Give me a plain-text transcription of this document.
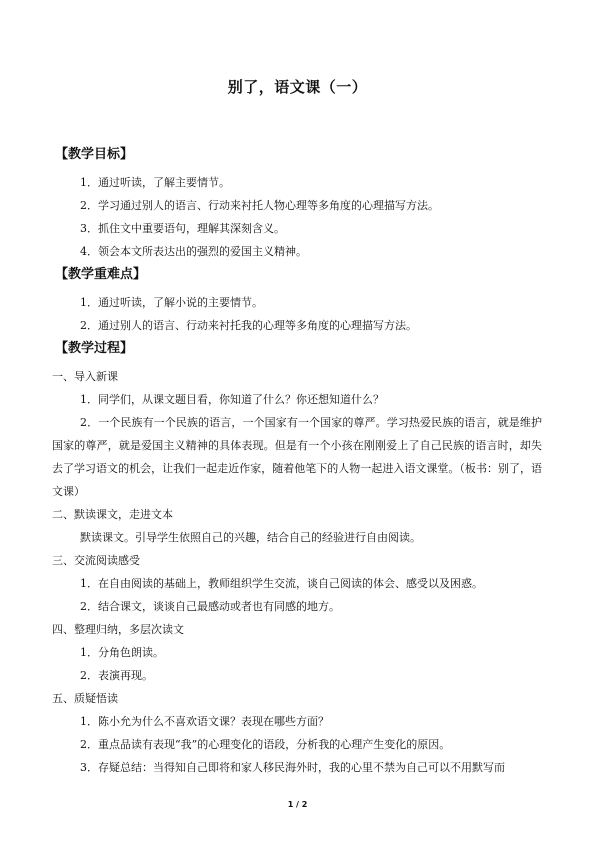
别了，语文课（一）
【教学目标】
1．通过听读，了解主要情节。
2．学习通过别人的语言、行动来衬托人物心理等多角度的心理描写方法。
3．抓住文中重要语句，理解其深刻含义。
4．领会本文所表达出的强烈的爱国主义精神。
【教学重难点】
1．通过听读，了解小说的主要情节。
2．通过别人的语言、行动来衬托我的心理等多角度的心理描写方法。
【教学过程】
一、导入新课
1．同学们，从课文题目看，你知道了什么？你还想知道什么？
2．一个民族有一个民族的语言，一个国家有一个国家的尊严。学习热爱民族的语言，就是维护国家的尊严，就是爱国主义精神的具体表现。但是有一个小孩在刚刚爱上了自己民族的语言时，却失去了学习语文的机会，让我们一起走近作家，随着他笔下的人物一起进入语文课堂。（板书：别了，语文课）
二、默读课文，走进文本
默读课文。引导学生依照自己的兴趣，结合自己的经验进行自由阅读。
三、交流阅读感受
1．在自由阅读的基础上，教师组织学生交流，谈自己阅读的体会、感受以及困惑。
2．结合课文，谈谈自己最感动或者也有同感的地方。
四、整理归纳，多层次读文
1．分角色朗读。
2．表演再现。
五、质疑悟读
1．陈小允为什么不喜欢语文课？表现在哪些方面？
2．重点品读有表现“我”的心理变化的语段，分析我的心理产生变化的原因。
3．存疑总结：当得知自己即将和家人移民海外时，我的心里不禁为自己可以不用默写而
1 / 2
